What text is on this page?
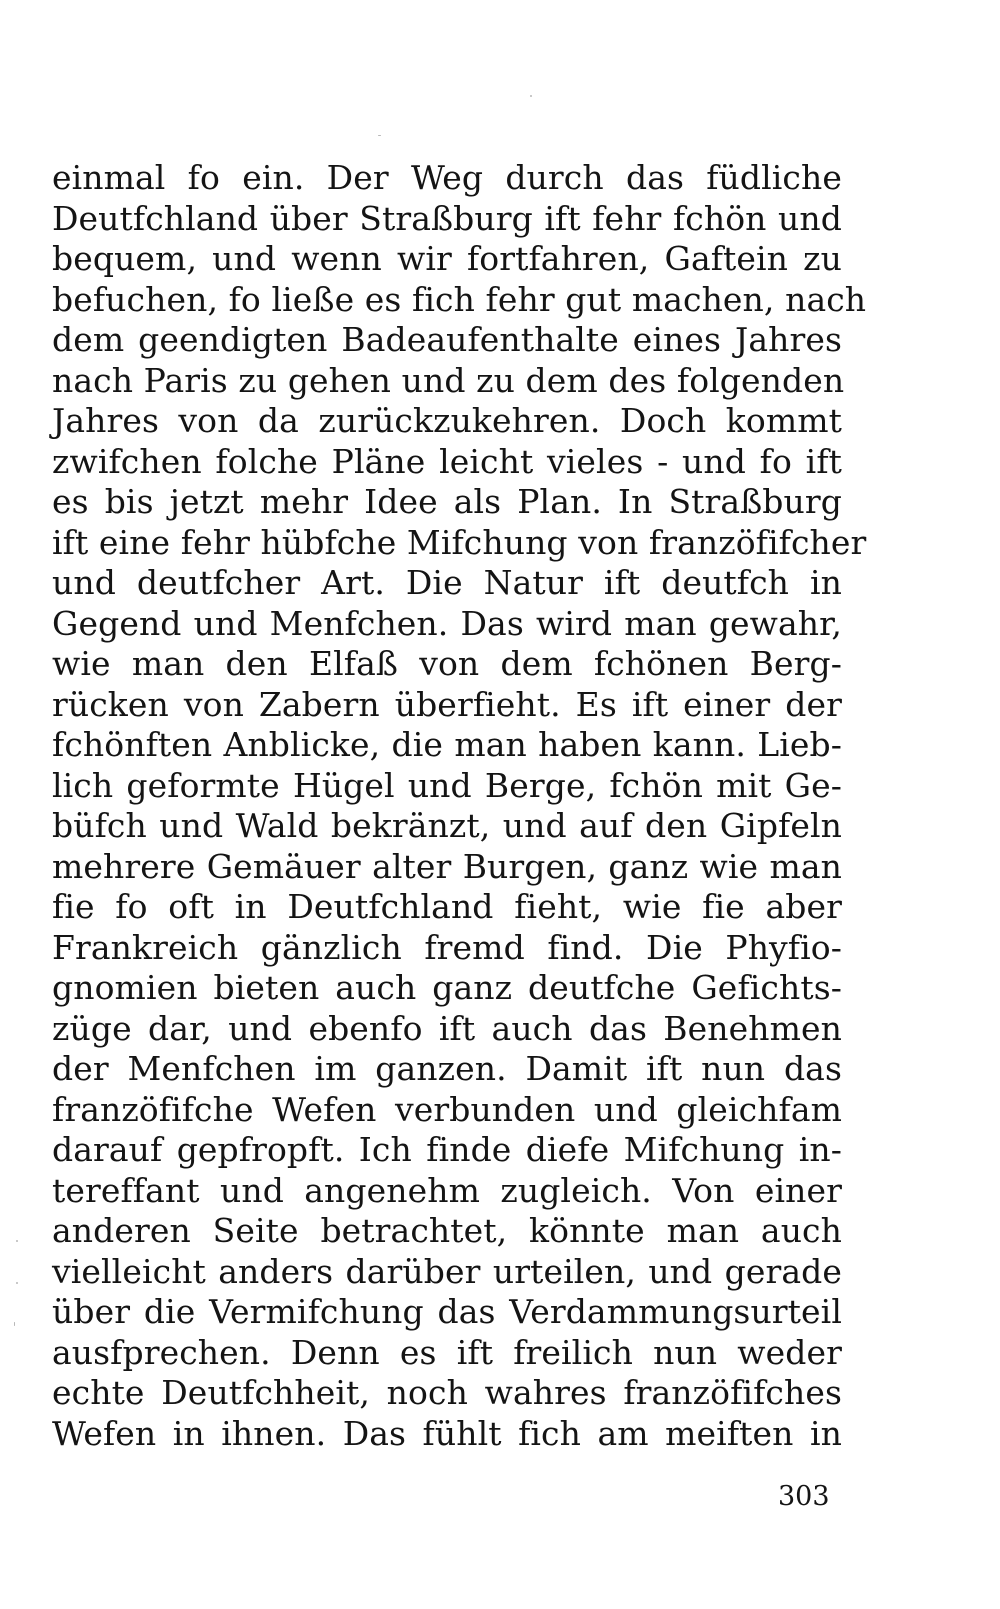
einmal fo ein. Der Weg durch das füdliche
Deutfchland über Straßburg ift fehr fchön und
bequem, und wenn wir fortfahren, Gaftein zu
befuchen, fo ließe es fich fehr gut machen, nach
dem geendigten Badeaufenthalte eines Jahres
nach Paris zu gehen und zu dem des folgenden
Jahres von da zurückzukehren. Doch kommt
zwifchen folche Pläne leicht vieles - und fo ift
es bis jetzt mehr Idee als Plan. In Straßburg
ift eine fehr hübfche Mifchung von franzöfifcher
und deutfcher Art. Die Natur ift deutfch in
Gegend und Menfchen. Das wird man gewahr,
wie man den Elfaß von dem fchönen Berg-
rücken von Zabern überfieht. Es ift einer der
fchönften Anblicke, die man haben kann. Lieb-
lich geformte Hügel und Berge, fchön mit Ge-
büfch und Wald bekränzt, und auf den Gipfeln
mehrere Gemäuer alter Burgen, ganz wie man
fie fo oft in Deutfchland fieht, wie fie aber
Frankreich gänzlich fremd find. Die Phyfio-
gnomien bieten auch ganz deutfche Gefichts-
züge dar, und ebenfo ift auch das Benehmen
der Menfchen im ganzen. Damit ift nun das
franzöfifche Wefen verbunden und gleichfam
darauf gepfropft. Ich finde diefe Mifchung in-
tereffant und angenehm zugleich. Von einer
anderen Seite betrachtet, könnte man auch
vielleicht anders darüber urteilen, und gerade
über die Vermifchung das Verdammungsurteil
ausfprechen. Denn es ift freilich nun weder
echte Deutfchheit, noch wahres franzöfifches
Wefen in ihnen. Das fühlt fich am meiften in
303
